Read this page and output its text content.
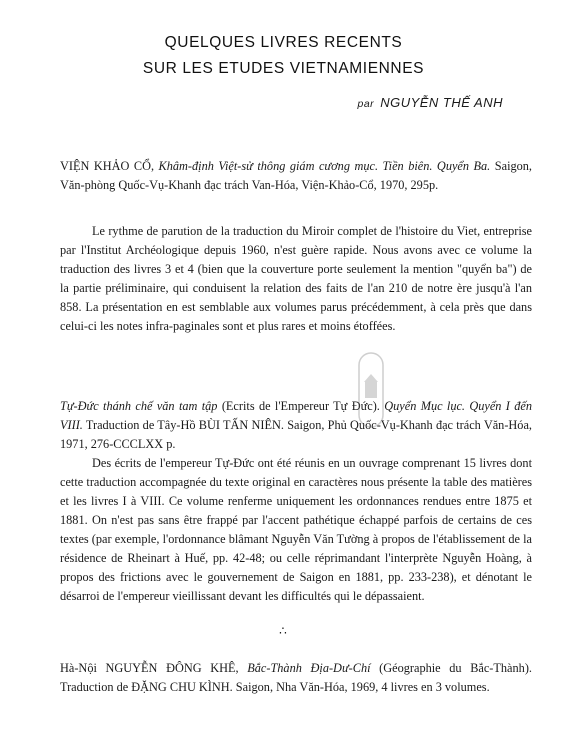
QUELQUES LIVRES RECENTS
SUR LES ETUDES VIETNAMIENNES
par NGUYỄN THẾ ANH
VIỆN KHẢO CỔ, Khâm-định Việt-sử thông giám cương mục. Tiền biên. Quyển Ba. Saigon, Văn-phòng Quốc-Vụ-Khanh đạc trách Van-Hóa, Viện-Khảo-Cổ, 1970, 295p.
Le rythme de parution de la traduction du Miroir complet de l'histoire du Viet, entreprise par l'Institut Archéologique depuis 1960, n'est guère rapide. Nous avons avec ce volume la traduction des livres 3 et 4 (bien que la couverture porte seulement la mention "quyển ba") de la partie préliminaire, qui conduisent la relation des faits de l'an 210 de notre ère jusqu'à l'an 858. La présentation en est semblable aux volumes parus précédemment, à cela près que dans celui-ci les notes infra-paginales sont et plus rares et moins étoffées.
Tự-Đức thánh chế văn tam tập (Ecrits de l'Empereur Tự Đức). Quyển Mục lục. Quyển I đến VIII. Traduction de Tây-Hồ BÙI TẤN NIÊN. Saigon, Phủ Quốc-Vụ-Khanh đạc trách Văn-Hóa, 1971, 276-CCCLXX p.
Des écrits de l'empereur Tự-Đức ont été réunis en un ouvrage comprenant 15 livres dont cette traduction accompagnée du texte original en caractères nous présente la table des matières et les livres I à VIII. Ce volume renferme uniquement les ordonnances rendues entre 1875 et 1881. On n'est pas sans être frappé par l'accent pathétique échappé parfois de certains de ces textes (par exemple, l'ordonnance blâmant Nguyễn Văn Tường à propos de l'établissement de la résidence de Rheinart à Huế, pp. 42-48; ou celle réprimandant l'interprète Nguyễn Hoàng, à propos des frictions avec le gouvernement de Saigon en 1881, pp. 233-238), et dénotant le désarroi de l'empereur vieillissant devant les difficultés qui le dépassaient.
∴
Hà-Nội NGUYỄN ĐÔNG KHÊ, Bắc-Thành Địa-Dư-Chí (Géographie du Bắc-Thành). Traduction de ĐẶNG CHU KÌNH. Saigon, Nha Văn-Hóa, 1969, 4 livres en 3 volumes.
